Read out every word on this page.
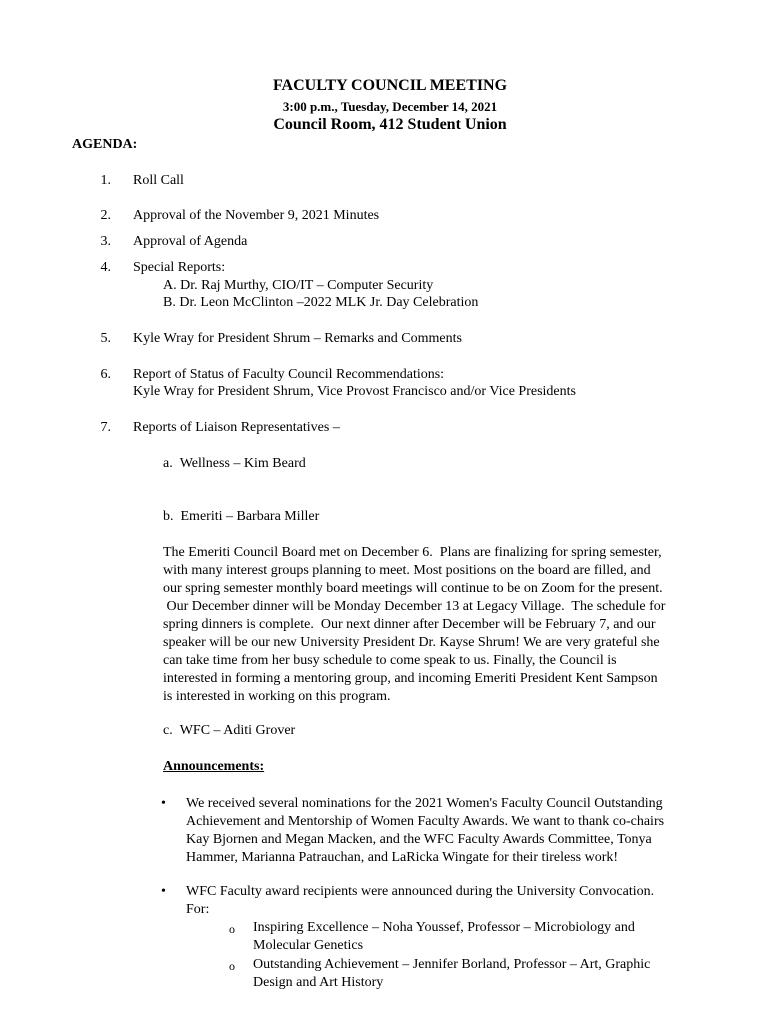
FACULTY COUNCIL MEETING
3:00 p.m., Tuesday, December 14, 2021
Council Room, 412 Student Union
AGENDA:
1. Roll Call
2. Approval of the November 9, 2021 Minutes
3. Approval of Agenda
4. Special Reports:
A. Dr. Raj Murthy, CIO/IT – Computer Security
B. Dr. Leon McClinton –2022 MLK Jr. Day Celebration
5. Kyle Wray for President Shrum – Remarks and Comments
6. Report of Status of Faculty Council Recommendations:
Kyle Wray for President Shrum, Vice Provost Francisco and/or Vice Presidents
7. Reports of Liaison Representatives –
a.  Wellness – Kim Beard
b.  Emeriti – Barbara Miller
The Emeriti Council Board met on December 6.  Plans are finalizing for spring semester,
with many interest groups planning to meet. Most positions on the board are filled, and
our spring semester monthly board meetings will continue to be on Zoom for the present.
Our December dinner will be Monday December 13 at Legacy Village.  The schedule for
spring dinners is complete.  Our next dinner after December will be February 7, and our
speaker will be our new University President Dr. Kayse Shrum! We are very grateful she
can take time from her busy schedule to come speak to us. Finally, the Council is
interested in forming a mentoring group, and incoming Emeriti President Kent Sampson
is interested in working on this program.
c.  WFC – Aditi Grover
Announcements:
• We received several nominations for the 2021 Women's Faculty Council Outstanding
Achievement and Mentorship of Women Faculty Awards. We want to thank co-chairs
Kay Bjornen and Megan Macken, and the WFC Faculty Awards Committee, Tonya
Hammer, Marianna Patrauchan, and LaRicka Wingate for their tireless work!
• WFC Faculty award recipients were announced during the University Convocation.
For:
o Inspiring Excellence – Noha Youssef, Professor – Microbiology and
Molecular Genetics
o Outstanding Achievement – Jennifer Borland, Professor – Art, Graphic
Design and Art History
